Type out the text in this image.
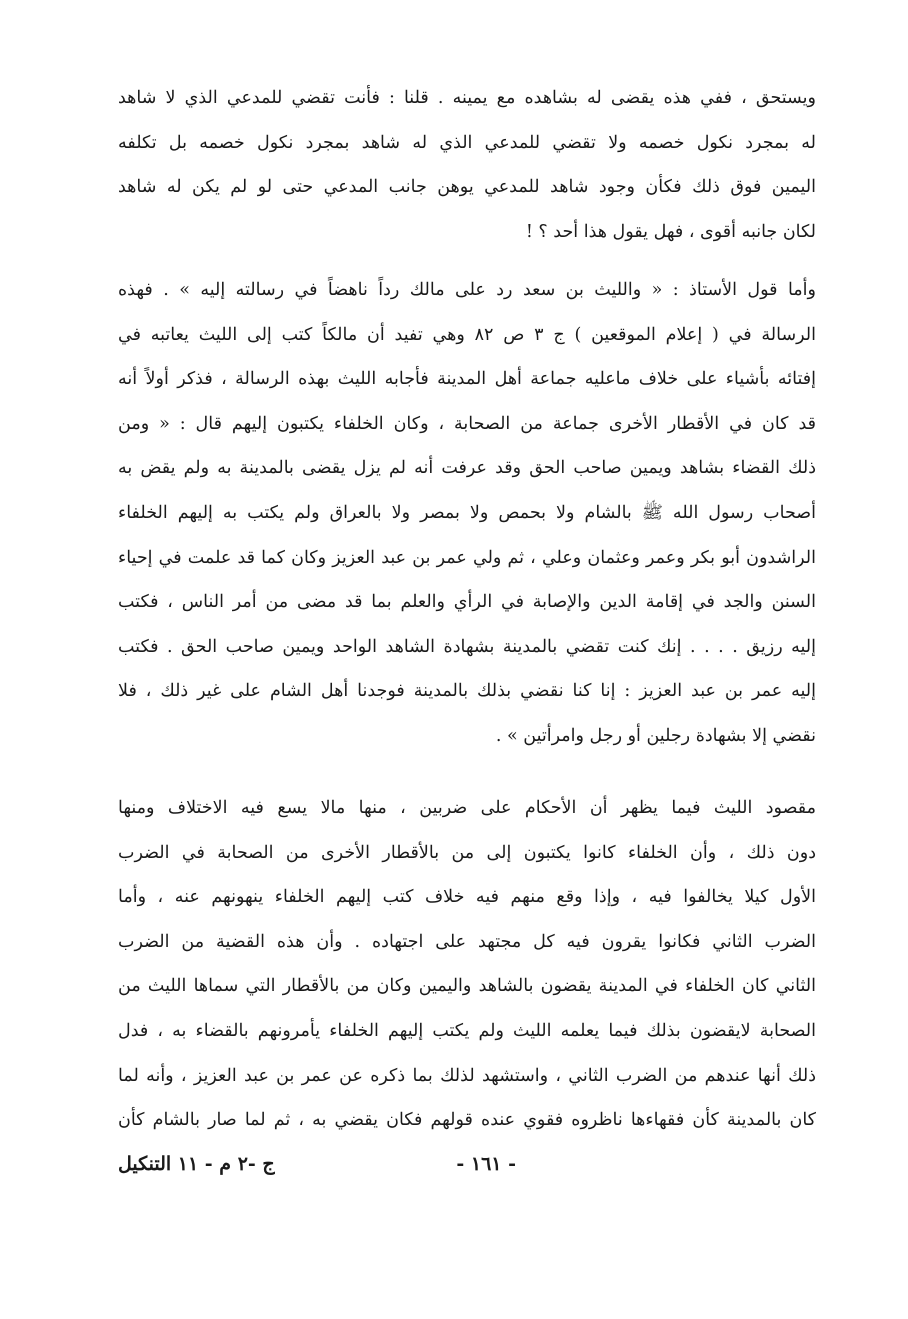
ويستحق ، ففي هذه يقضى له بشاهده مع يمينه . قلنا : فأنت تقضي للمدعي الذي لا شاهد
له بمجرد نكول خصمه ولا تقضي للمدعي الذي له شاهد بمجرد نكول خصمه بل تكلفه
اليمين فوق ذلك فكأن وجود شاهد للمدعي يوهن جانب المدعي حتى لو لم يكن له شاهد
لكان جانبه أقوى ، فهل يقول هذا أحد ؟ !
وأما قول الأستاذ : « والليث بن سعد رد على مالك رداً ناهضاً في رسالته إليه » . فهذه
الرسالة في ( إعلام الموقعين ) ج ٣ ص ٨٢ وهي تفيد أن مالكاً كتب إلى الليث يعاتبه في
إفتائه بأشياء على خلاف ماعليه جماعة أهل المدينة فأجابه الليث بهذه الرسالة ، فذكر أولاً أنه
قد كان في الأقطار الأخرى جماعة من الصحابة ، وكان الخلفاء يكتبون إليهم قال : « ومن
ذلك القضاء بشاهد ويمين صاحب الحق وقد عرفت أنه لم يزل يقضى بالمدينة به ولم يقض به
أصحاب رسول الله ﷺ بالشام ولا بحمص ولا بمصر ولا بالعراق ولم يكتب به إليهم الخلفاء
الراشدون أبو بكر وعمر وعثمان وعلي ، ثم ولي عمر بن عبد العزيز وكان كما قد علمت في إحياء
السنن والجد في إقامة الدين والإصابة في الرأي والعلم بما قد مضى من أمر الناس ، فكتب
إليه رزيق . . . . إنك كنت تقضي بالمدينة بشهادة الشاهد الواحد ويمين صاحب الحق . فكتب
إليه عمر بن عبد العزيز : إنا كنا نقضي بذلك بالمدينة فوجدنا أهل الشام على غير ذلك ، فلا
نقضي إلا بشهادة رجلين أو رجل وامرأتين » .
مقصود الليث فيما يظهر أن الأحكام على ضربين ، منها مالا يسع فيه الاختلاف ومنها
دون ذلك ، وأن الخلفاء كانوا يكتبون إلى من بالأقطار الأخرى من الصحابة في الضرب
الأول كيلا يخالفوا فيه ، وإذا وقع منهم فيه خلاف كتب إليهم الخلفاء ينهونهم عنه ، وأما
الضرب الثاني فكانوا يقرون فيه كل مجتهد على اجتهاده . وأن هذه القضية من الضرب
الثاني كان الخلفاء في المدينة يقضون بالشاهد واليمين وكان من بالأقطار التي سماها الليث من
الصحابة لايقضون بذلك فيما يعلمه الليث ولم يكتب إليهم الخلفاء يأمرونهم بالقضاء به ، فدل
ذلك أنها عندهم من الضرب الثاني ، واستشهد لذلك بما ذكره عن عمر بن عبد العزيز ، وأنه لما
كان بالمدينة كأن فقهاءها ناظروه فقوي عنده قولهم فكان يقضي به ، ثم لما صار بالشام كأن
- ١٦١ -
ج -٢ م - ١١ التنكيل
